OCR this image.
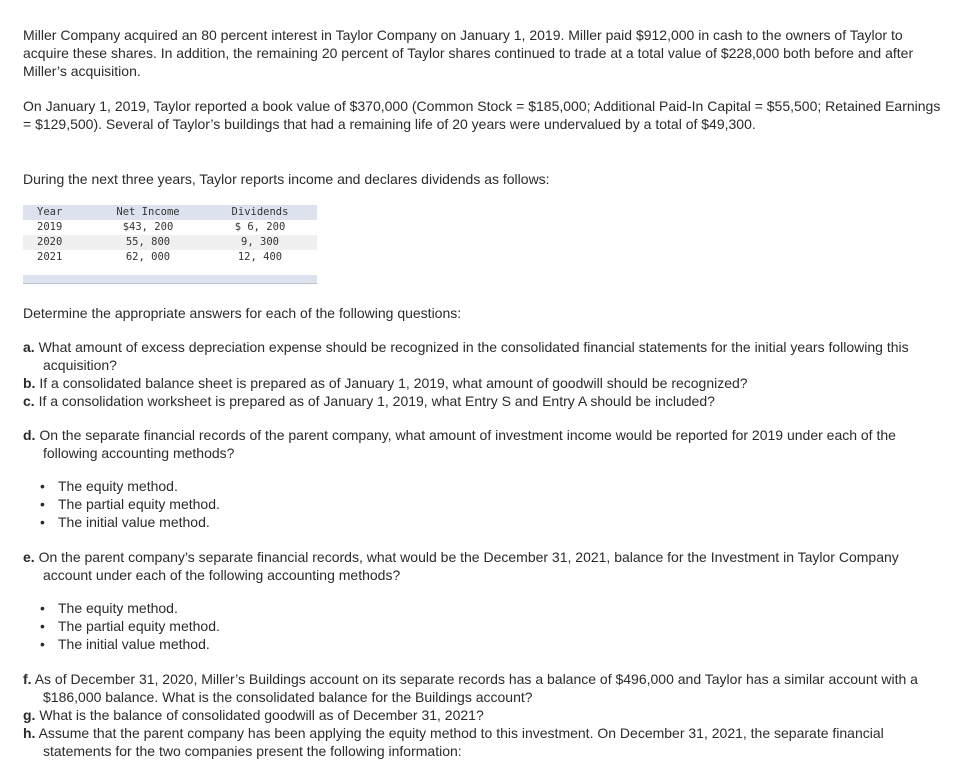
Miller Company acquired an 80 percent interest in Taylor Company on January 1, 2019. Miller paid $912,000 in cash to the owners of Taylor to acquire these shares. In addition, the remaining 20 percent of Taylor shares continued to trade at a total value of $228,000 both before and after Miller’s acquisition.

On January 1, 2019, Taylor reported a book value of $370,000 (Common Stock = $185,000; Additional Paid-In Capital = $55,500; Retained Earnings = $129,500). Several of Taylor’s buildings that had a remaining life of 20 years were undervalued by a total of $49,300.

During the next three years, Taylor reports income and declares dividends as follows:

Year	Net Income	Dividends
2019	$43, 200	$ 6, 200
2020	55, 800	9, 300
2021	62, 000	12, 400

Determine the appropriate answers for each of the following questions:

a. What amount of excess depreciation expense should be recognized in the consolidated financial statements for the initial years following this acquisition?

b. If a consolidated balance sheet is prepared as of January 1, 2019, what amount of goodwill should be recognized?

c. If a consolidation worksheet is prepared as of January 1, 2019, what Entry S and Entry A should be included?

d. On the separate financial records of the parent company, what amount of investment income would be reported for 2019 under each of the following accounting methods?

• The equity method.
• The partial equity method.
• The initial value method.

e. On the parent company’s separate financial records, what would be the December 31, 2021, balance for the Investment in Taylor Company account under each of the following accounting methods?

• The equity method.
• The partial equity method.
• The initial value method.

f. As of December 31, 2020, Miller’s Buildings account on its separate records has a balance of $496,000 and Taylor has a similar account with a $186,000 balance. What is the consolidated balance for the Buildings account?

g. What is the balance of consolidated goodwill as of December 31, 2021?

h. Assume that the parent company has been applying the equity method to this investment. On December 31, 2021, the separate financial statements for the two companies present the following information:
